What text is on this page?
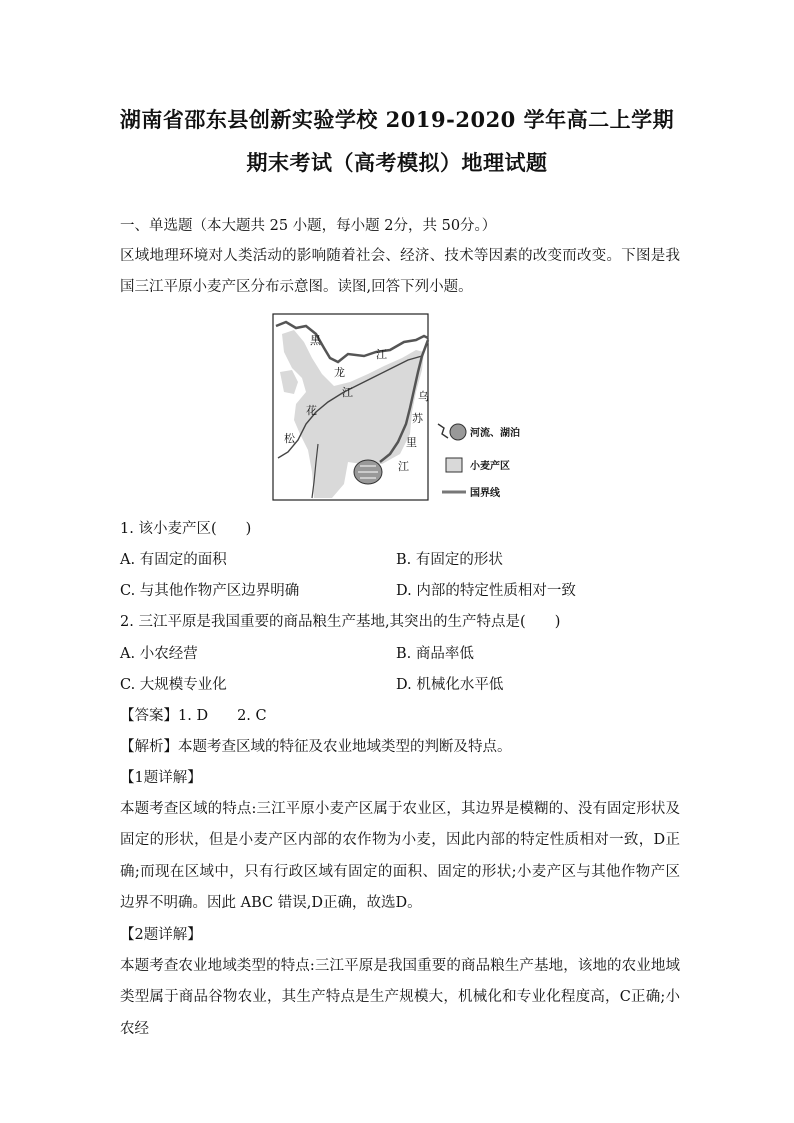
湖南省邵东县创新实验学校 2019-2020 学年高二上学期
期末考试（高考模拟）地理试题
一、单选题（本大题共 25 小题，每小题 2分，共 50分。）
区域地理环境对人类活动的影响随着社会、经济、技术等因素的改变而改变。下图是我国三江平原小麦产区分布示意图。读图,回答下列小题。
黑
江
龙
江
花
松
乌
苏
里
江
河流、湖泊
小麦产区
国界线
1. 该小麦产区(　　)
A. 有固定的面积	B. 有固定的形状
C. 与其他作物产区边界明确	D. 内部的特定性质相对一致
2. 三江平原是我国重要的商品粮生产基地,其突出的生产特点是(　　)
A. 小农经营	B. 商品率低
C. 大规模专业化	D. 机械化水平低
【答案】1. D　　2. C
【解析】本题考查区域的特征及农业地域类型的判断及特点。
【1题详解】
本题考查区域的特点:三江平原小麦产区属于农业区，其边界是模糊的、没有固定形状及固定的形状，但是小麦产区内部的农作物为小麦，因此内部的特定性质相对一致，D正确;而现在区域中，只有行政区域有固定的面积、固定的形状;小麦产区与其他作物产区边界不明确。因此 ABC 错误,D正确，故选D。
【2题详解】
本题考查农业地域类型的特点:三江平原是我国重要的商品粮生产基地，该地的农业地域类型属于商品谷物农业，其生产特点是生产规模大，机械化和专业化程度高，C正确;小农经
